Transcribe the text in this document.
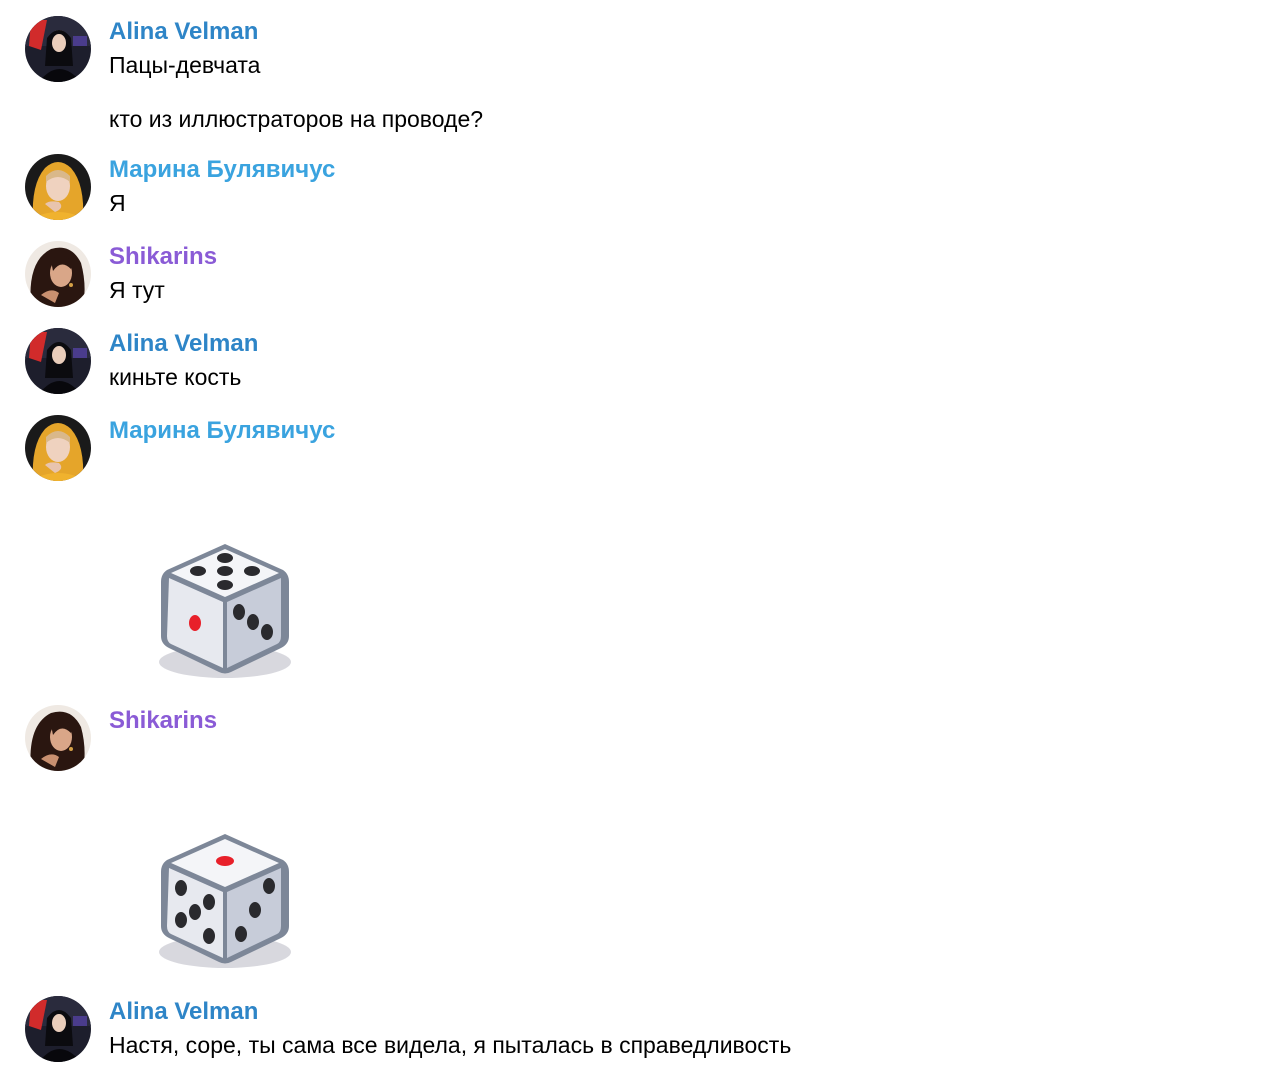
Alina Velman
Пацы-девчата
кто из иллюстраторов на проводе?
Марина Булявичус
Я
Shikarins
Я тут
Alina Velman
киньте кость
Марина Булявичус
Shikarins
Alina Velman
Настя, соре, ты сама все видела, я пыталась в справедливость
